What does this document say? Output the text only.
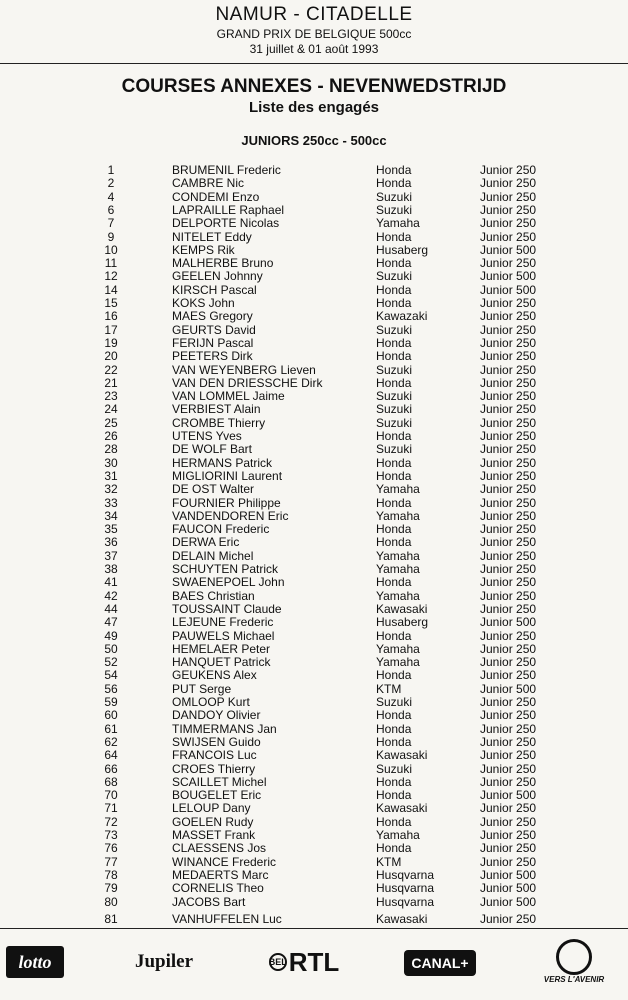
NAMUR - CITADELLE
GRAND PRIX DE BELGIQUE 500cc
31 juillet & 01 août 1993
COURSES ANNEXES - NEVENWEDSTRIJD
Liste des engagés
JUNIORS 250cc - 500cc
1	BRUMENIL Frederic	Honda	Junior 250
2	CAMBRE Nic	Honda	Junior 250
4	CONDEMI Enzo	Suzuki	Junior 250
6	LAPRAILLE Raphael	Suzuki	Junior 250
7	DELPORTE Nicolas	Yamaha	Junior 250
9	NITELET Eddy	Honda	Junior 250
10	KEMPS Rik	Husaberg	Junior 500
11	MALHERBE Bruno	Honda	Junior 250
12	GEELEN Johnny	Suzuki	Junior 500
14	KIRSCH Pascal	Honda	Junior 500
15	KOKS John	Honda	Junior 250
16	MAES Gregory	Kawazaki	Junior 250
17	GEURTS David	Suzuki	Junior 250
19	FERIJN Pascal	Honda	Junior 250
20	PEETERS Dirk	Honda	Junior 250
22	VAN WEYENBERG Lieven	Suzuki	Junior 250
21	VAN DEN DRIESSCHE Dirk	Honda	Junior 250
23	VAN LOMMEL Jaime	Suzuki	Junior 250
24	VERBIEST Alain	Suzuki	Junior 250
25	CROMBE Thierry	Suzuki	Junior 250
26	UTENS Yves	Honda	Junior 250
28	DE WOLF Bart	Suzuki	Junior 250
30	HERMANS Patrick	Honda	Junior 250
31	MIGLIORINI Laurent	Honda	Junior 250
32	DE OST Walter	Yamaha	Junior 250
33	FOURNIER Philippe	Honda	Junior 250
34	VANDENDOREN Eric	Yamaha	Junior 250
35	FAUCON Frederic	Honda	Junior 250
36	DERWA Eric	Honda	Junior 250
37	DELAIN Michel	Yamaha	Junior 250
38	SCHUYTEN Patrick	Yamaha	Junior 250
41	SWAENEPOEL John	Honda	Junior 250
42	BAES Christian	Yamaha	Junior 250
44	TOUSSAINT Claude	Kawasaki	Junior 250
47	LEJEUNE Frederic	Husaberg	Junior 500
49	PAUWELS Michael	Honda	Junior 250
50	HEMELAER Peter	Yamaha	Junior 250
52	HANQUET Patrick	Yamaha	Junior 250
54	GEUKENS Alex	Honda	Junior 250
56	PUT Serge	KTM	Junior 500
59	OMLOOP Kurt	Suzuki	Junior 250
60	DANDOY Olivier	Honda	Junior 250
61	TIMMERMANS Jan	Honda	Junior 250
62	SWIJSEN Guido	Honda	Junior 250
64	FRANCOIS Luc	Kawasaki	Junior 250
66	CROES Thierry	Suzuki	Junior 250
68	SCAILLET Michel	Honda	Junior 250
70	BOUGELET Eric	Honda	Junior 500
71	LELOUP Dany	Kawasaki	Junior 250
72	GOELEN Rudy	Honda	Junior 250
73	MASSET Frank	Yamaha	Junior 250
76	CLAESSENS Jos	Honda	Junior 250
77	WINANCE Frederic	KTM	Junior 250
78	MEDAERTS Marc	Husqvarna	Junior 500
79	CORNELIS Theo	Husqvarna	Junior 500
80	JACOBS Bart	Husqvarna	Junior 500
81	VANHUFFELEN Luc	Kawasaki	Junior 250
lotto	Jupiler	BEL RTL	CANAL+
VERS L'AVENIR
